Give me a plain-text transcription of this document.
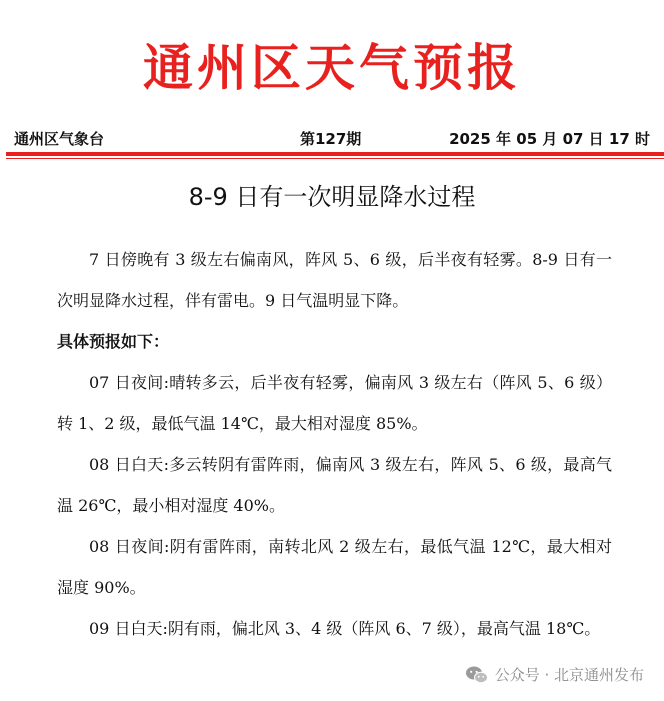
通州区天气预报
通州区气象台	第127期	2025 年 05 月 07 日 17 时
8-9 日有一次明显降水过程

7 日傍晚有 3 级左右偏南风，阵风 5、6 级，后半夜有轻雾。8-9 日有一次明显降水过程，伴有雷电。9 日气温明显下降。

具体预报如下：

07 日夜间:晴转多云，后半夜有轻雾，偏南风 3 级左右（阵风 5、6 级）转 1、2 级，最低气温 14℃，最大相对湿度 85%。

08 日白天:多云转阴有雷阵雨，偏南风 3 级左右，阵风 5、6 级，最高气温 26℃，最小相对湿度 40%。

08 日夜间:阴有雷阵雨，南转北风 2 级左右，最低气温 12℃，最大相对湿度 90%。

09 日白天:阴有雨，偏北风 3、4 级（阵风 6、7 级），最高气温 18℃。

公众号 · 北京通州发布
